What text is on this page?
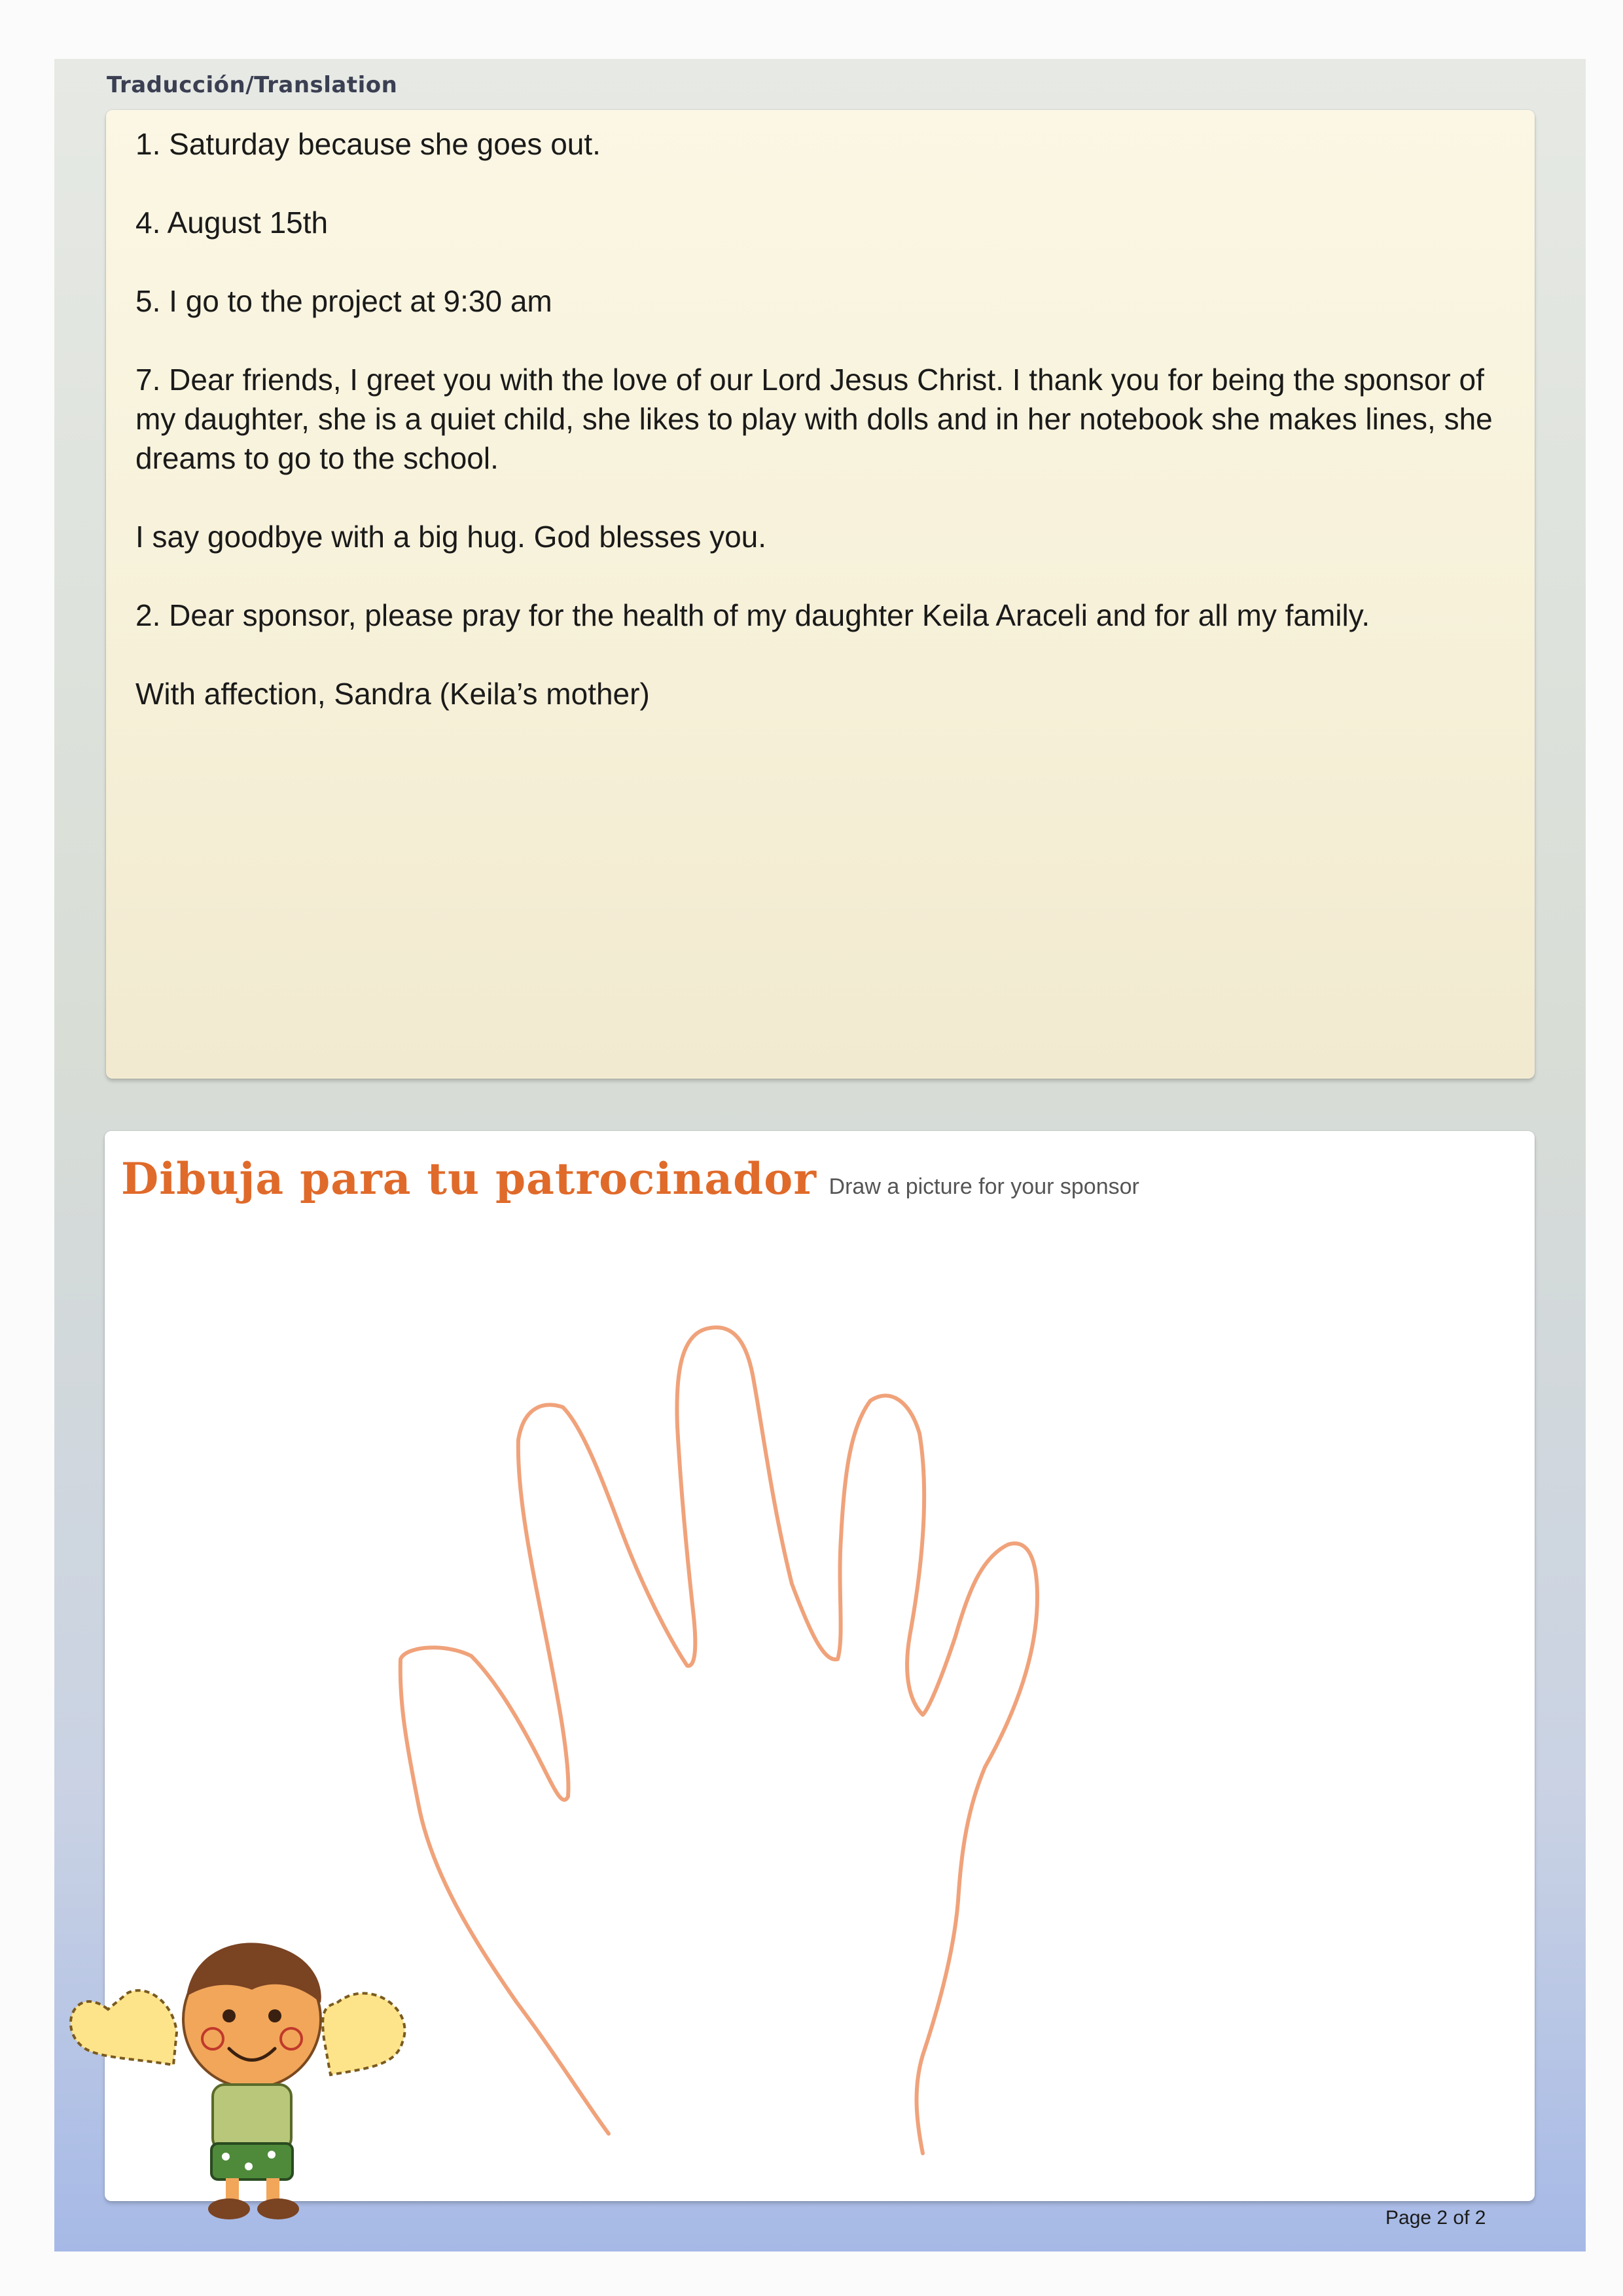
Traducción/Translation

1. Saturday because she goes out.

4. August 15th

5. I go to the project at 9:30 am

7. Dear friends, I greet you with the love of our Lord Jesus Christ. I thank you for being the sponsor of my daughter, she is a quiet child, she likes to play with dolls and in her notebook she makes lines, she dreams to go to the school.

I say goodbye with a big hug. God blesses you.

2. Dear sponsor, please pray for the health of my daughter Keila Araceli and for all my family.

With affection, Sandra (Keila’s mother)

Dibuja para tu patrocinador Draw a picture for your sponsor
Page 2 of 2
